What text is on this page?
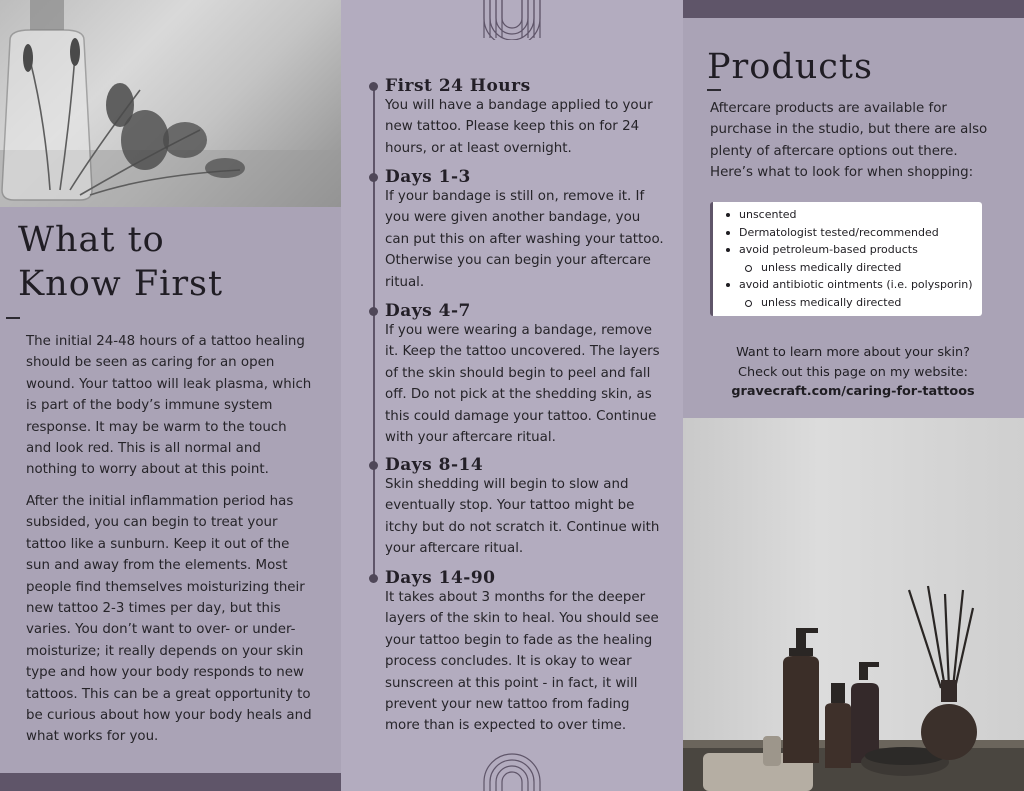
What to
Know First

The initial 24-48 hours of a tattoo healing should be seen as caring for an open wound. Your tattoo will leak plasma, which is part of the body’s immune system response. It may be warm to the touch and look red. This is all normal and nothing to worry about at this point.

After the initial inflammation period has subsided, you can begin to treat your tattoo like a sunburn. Keep it out of the sun and away from the elements. Most people find themselves moisturizing their new tattoo 2-3 times per day, but this varies. You don’t want to over- or under-moisturize; it really depends on your skin type and how your body responds to new tattoos. This can be a great opportunity to be curious about how your body heals and what works for you.

First 24 Hours

You will have a bandage applied to your new tattoo. Please keep this on for 24 hours, or at least overnight.

Days 1-3

If your bandage is still on, remove it. If you were given another bandage, you can put this on after washing your tattoo. Otherwise you can begin your aftercare ritual.

Days 4-7

If you were wearing a bandage, remove it. Keep the tattoo uncovered. The layers of the skin should begin to peel and fall off. Do not pick at the shedding skin, as this could damage your tattoo. Continue with your aftercare ritual.

Days 8-14

Skin shedding will begin to slow and eventually stop. Your tattoo might be itchy but do not scratch it. Continue with your aftercare ritual.

Days 14-90

It takes about 3 months for the deeper layers of the skin to heal. You should see your tattoo begin to fade as the healing process concludes. It is okay to wear sunscreen at this point - in fact, it will prevent your new tattoo from fading more than is expected to over time.

Products

Aftercare products are available for purchase in the studio, but there are also plenty of aftercare options out there. Here’s what to look for when shopping:

unscented
Dermatologist tested/recommended
avoid petroleum-based products
unless medically directed
avoid antibiotic ointments (i.e. polysporin)
unless medically directed
Want to learn more about your skin?
Check out this page on my website:
gravecraft.com/caring-for-tattoos
